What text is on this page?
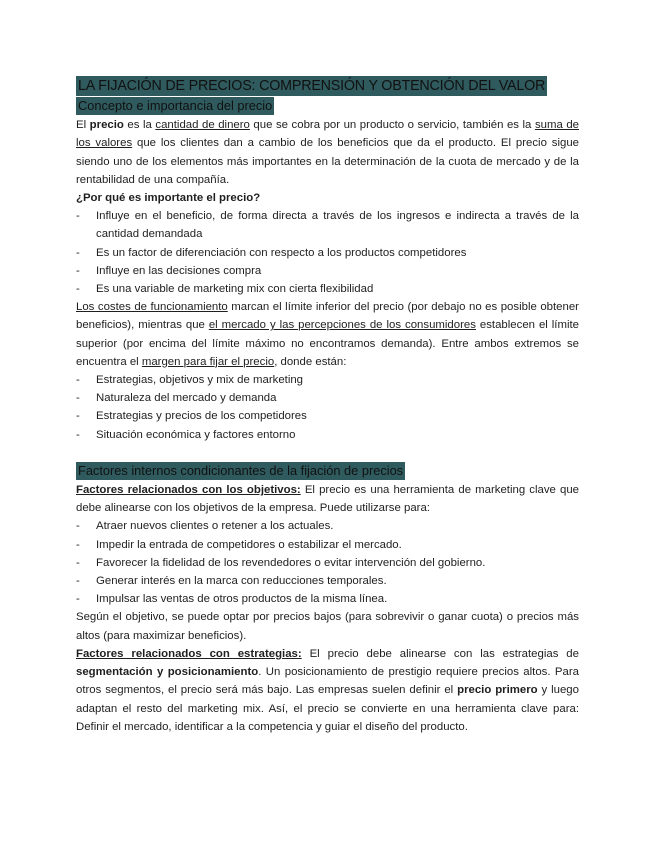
LA FIJACIÓN DE PRECIOS: COMPRENSIÓN Y OBTENCIÓN DEL VALOR
Concepto e importancia del precio

El precio es la cantidad de dinero que se cobra por un producto o servicio, también es la suma de los valores que los clientes dan a cambio de los beneficios que da el producto. El precio sigue siendo uno de los elementos más importantes en la determinación de la cuota de mercado y de la rentabilidad de una compañía.

¿Por qué es importante el precio?

- Influye en el beneficio, de forma directa a través de los ingresos e indirecta a través de la cantidad demandada
- Es un factor de diferenciación con respecto a los productos competidores
- Influye en las decisiones compra
- Es una variable de marketing mix con cierta flexibilidad

Los costes de funcionamiento marcan el límite inferior del precio (por debajo no es posible obtener beneficios), mientras que el mercado y las percepciones de los consumidores establecen el límite superior (por encima del límite máximo no encontramos demanda). Entre ambos extremos se encuentra el margen para fijar el precio, donde están:

- Estrategias, objetivos y mix de marketing
- Naturaleza del mercado y demanda
- Estrategias y precios de los competidores
- Situación económica y factores entorno
Factores internos condicionantes de la fijación de precios

Factores relacionados con los objetivos: El precio es una herramienta de marketing clave que debe alinearse con los objetivos de la empresa. Puede utilizarse para:

- Atraer nuevos clientes o retener a los actuales.
- Impedir la entrada de competidores o estabilizar el mercado.
- Favorecer la fidelidad de los revendedores o evitar intervención del gobierno.
- Generar interés en la marca con reducciones temporales.
- Impulsar las ventas de otros productos de la misma línea.

Según el objetivo, se puede optar por precios bajos (para sobrevivir o ganar cuota) o precios más altos (para maximizar beneficios).

Factores relacionados con estrategias: El precio debe alinearse con las estrategias de segmentación y posicionamiento. Un posicionamiento de prestigio requiere precios altos. Para otros segmentos, el precio será más bajo. Las empresas suelen definir el precio primero y luego adaptan el resto del marketing mix. Así, el precio se convierte en una herramienta clave para: Definir el mercado, identificar a la competencia y guiar el diseño del producto.
